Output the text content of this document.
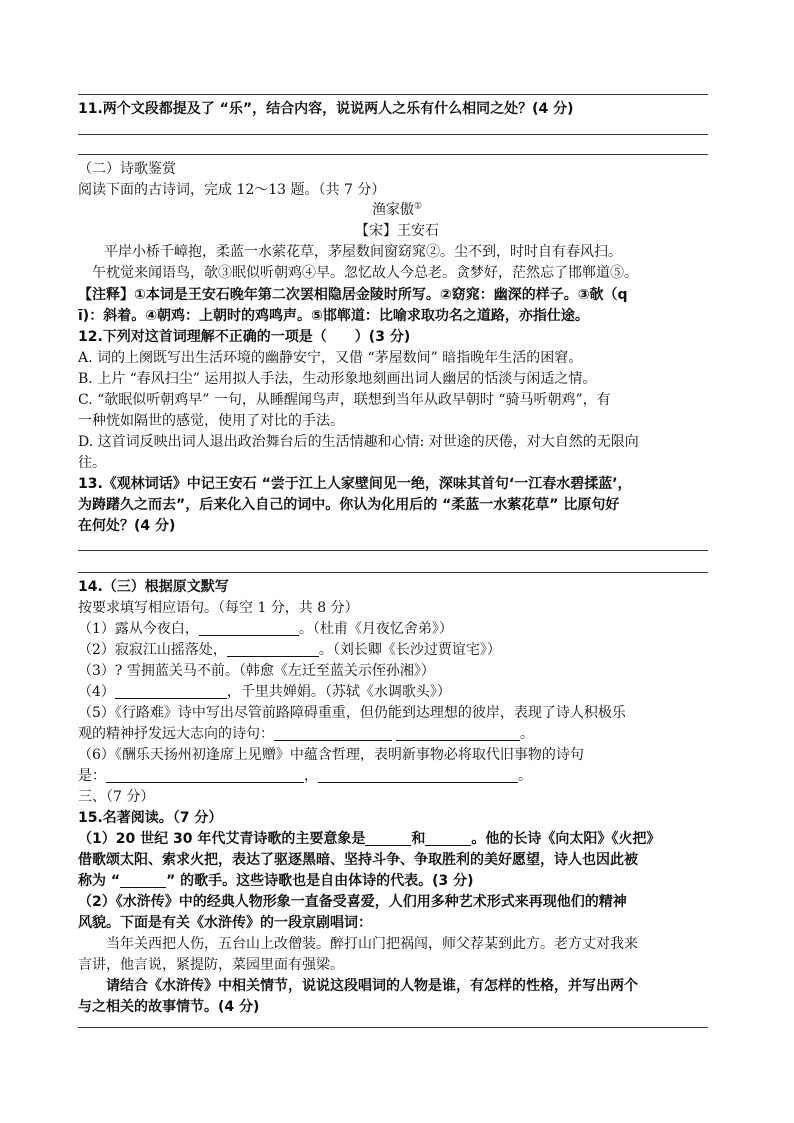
11.两个文段都提及了 “乐”，结合内容，说说两人之乐有什么相同之处？(4 分)
（二）诗歌鉴赏
阅读下面的古诗词，完成 12～13 题。（共 7 分）
渔家傲①
【宋】王安石
平岸小桥千嶂抱，柔蓝一水萦花草，茅屋数间窗窈窕②。尘不到，时时自有春风扫。
午枕觉来闻语鸟，欹③眠似听朝鸡④早。忽忆故人今总老。贪梦好，茫然忘了邯郸道⑤。
【注释】①本词是王安石晚年第二次罢相隐居金陵时所写。②窈窕：幽深的样子。③欹（q
ī)：斜着。④朝鸡：上朝时的鸡鸣声。⑤邯郸道：比喻求取功名之道路，亦指仕途。
12.下列对这首词理解不正确的一项是（　　）(3 分)
A. 词的上阕既写出生活环境的幽静安宁，又借 “茅屋数间” 暗指晚年生活的困窘。
B. 上片 “春风扫尘” 运用拟人手法，生动形象地刻画出词人幽居的恬淡与闲适之情。
C. “欹眠似听朝鸡早” 一句，从睡醒闻鸟声，联想到当年从政早朝时 “骑马听朝鸡”，有
一种恍如隔世的感觉，使用了对比的手法。
D. 这首词反映出词人退出政治舞台后的生活情趣和心情: 对世途的厌倦，对大自然的无限向
往。
13.《观林词话》中记王安石 “尝于江上人家壁间见一绝，深味其首句‘一江春水碧揉蓝’，
为踌躇久之而去”，后来化入自己的词中。你认为化用后的 “柔蓝一水萦花草” 比原句好
在何处？(4 分)
14.（三）根据原文默写
按要求填写相应语句。（每空 1 分，共 8 分）
（1）露从今夜白，	。（杜甫《月夜忆舍弟》）
（2）寂寂江山摇落处，	。（刘长卿《长沙过贾谊宅》）
（3）? 雪拥蓝关马不前。（韩愈《左迁至蓝关示侄孙湘》）
（4）	，千里共婵娟。（苏轼《水调歌头》）
（5）《行路难》诗中写出尽管前路障碍重重，但仍能到达理想的彼岸，表现了诗人积极乐
观的精神抒发远大志向的诗句：	。
（6）《酬乐天扬州初逢席上见赠》中蕴含哲理，表明新事物必将取代旧事物的诗句
是：	，	。
三、（7 分）
15.名著阅读。（7 分）
（1）20 世纪 30 年代艾青诗歌的主要意象是	和	。他的长诗《向太阳》《火把》
借歌颂太阳、索求火把，表达了驱逐黑暗、坚持斗争、争取胜利的美好愿望，诗人也因此被
称为 “	” 的歌手。这些诗歌也是自由体诗的代表。(3 分)
（2）《水浒传》中的经典人物形象一直备受喜爱，人们用多种艺术形式来再现他们的精神
风貌。下面是有关《水浒传》的一段京剧唱词：
当年关西把人伤，五台山上改僧装。醉打山门把祸闯，师父荐某到此方。老方丈对我来
言讲，他言说，紧提防，菜园里面有强梁。
请结合《水浒传》中相关情节，说说这段唱词的人物是谁，有怎样的性格，并写出两个
与之相关的故事情节。(4 分)
